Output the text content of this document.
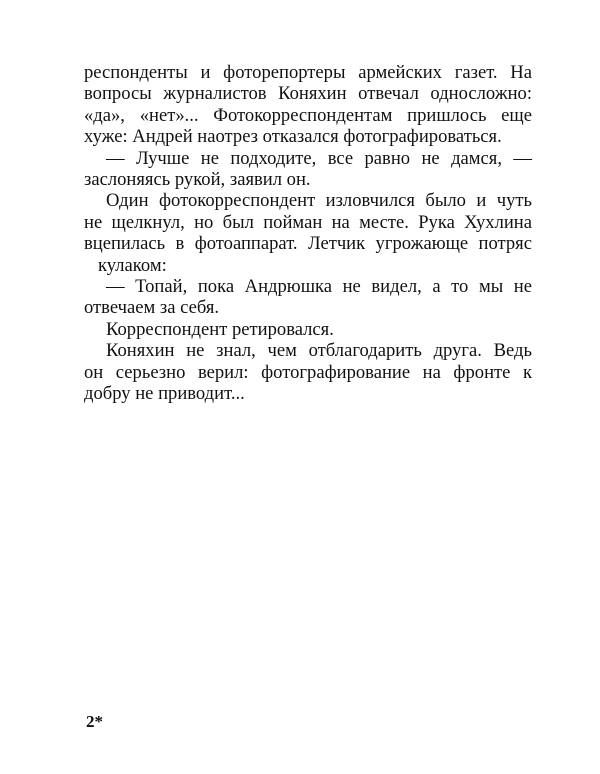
респонденты и фоторепортеры армейских газет. На
вопросы журналистов Коняхин отвечал односложно:
«да», «нет»... Фотокорреспондентам пришлось еще
хуже: Андрей наотрез отказался фотографироваться.
— Лучше не подходите, все равно не дамся, —
заслоняясь рукой, заявил он.
Один фотокорреспондент изловчился было и чуть
не щелкнул, но был пойман на месте. Рука Хухлина
вцепилась в фотоаппарат. Летчик угрожающе потряс
кулаком:
— Топай, пока Андрюшка не видел, а то мы не
отвечаем за себя.
Корреспондент ретировался.
Коняхин не знал, чем отблагодарить друга. Ведь
он серьезно верил: фотографирование на фронте к
добру не приводит...
2*
